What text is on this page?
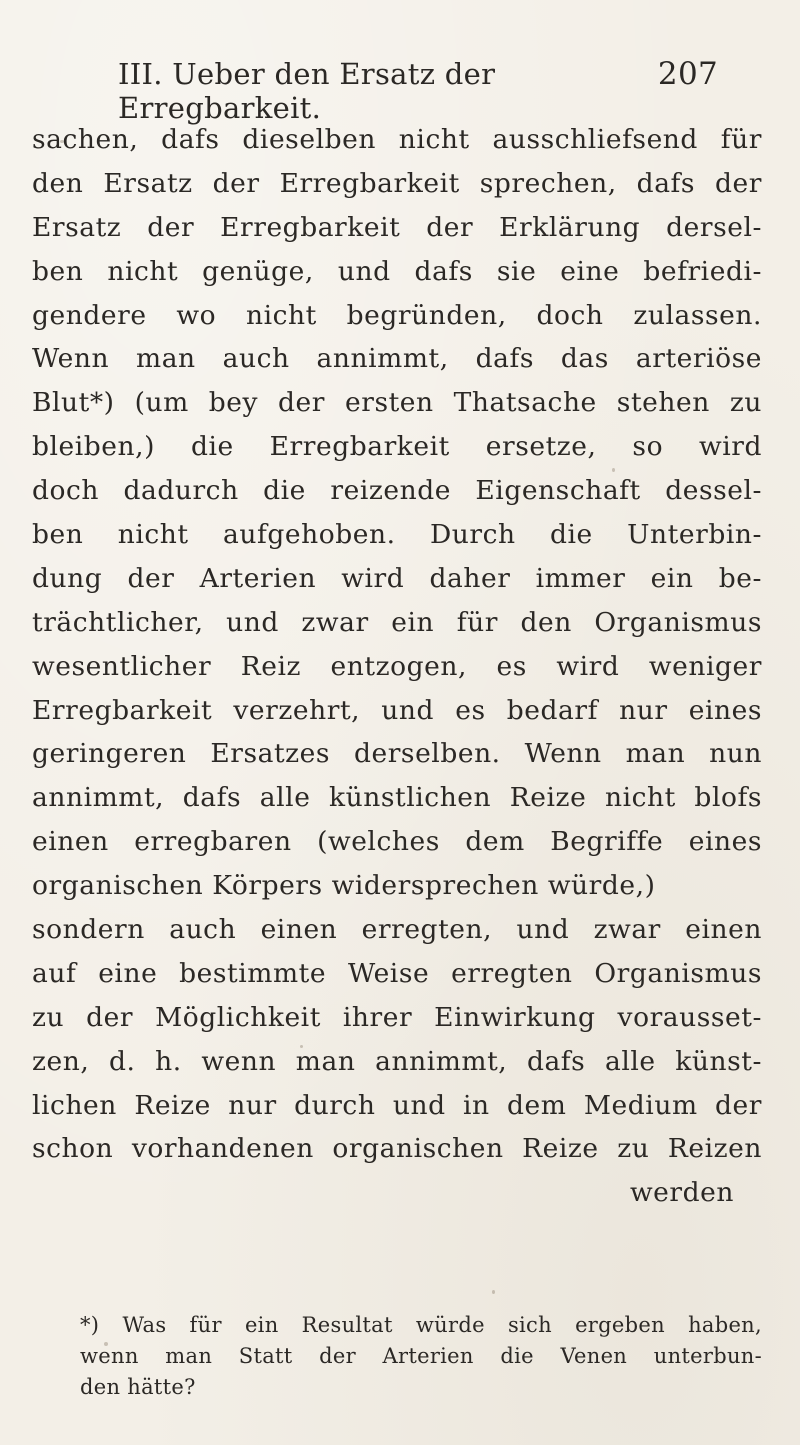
III. Ueber den Ersatz der Erregbarkeit.
207
sachen, dafs dieselben nicht ausschliefsend für
den Ersatz der Erregbarkeit sprechen, dafs der
Ersatz der Erregbarkeit der Erklärung dersel-
ben nicht genüge, und dafs sie eine befriedi-
gendere wo nicht begründen, doch zulassen.
Wenn man auch annimmt, dafs das arteriöse
Blut*) (um bey der ersten Thatsache stehen zu
bleiben,) die Erregbarkeit ersetze, so wird
doch dadurch die reizende Eigenschaft dessel-
ben nicht aufgehoben. Durch die Unterbin-
dung der Arterien wird daher immer ein be-
trächtlicher, und zwar ein für den Organismus
wesentlicher Reiz entzogen, es wird weniger
Erregbarkeit verzehrt, und es bedarf nur eines
geringeren Ersatzes derselben. Wenn man nun
annimmt, dafs alle künstlichen Reize nicht blofs
einen erregbaren (welches dem Begriffe eines
organischen Körpers widersprechen würde,)
sondern auch einen erregten, und zwar einen
auf eine bestimmte Weise erregten Organismus
zu der Möglichkeit ihrer Einwirkung vorausset-
zen, d. h. wenn man annimmt, dafs alle künst-
lichen Reize nur durch und in dem Medium der
schon vorhandenen organischen Reize zu Reizen
werden
*) Was für ein Resultat würde sich ergeben haben,
wenn man Statt der Arterien die Venen unterbun-
den hätte?
